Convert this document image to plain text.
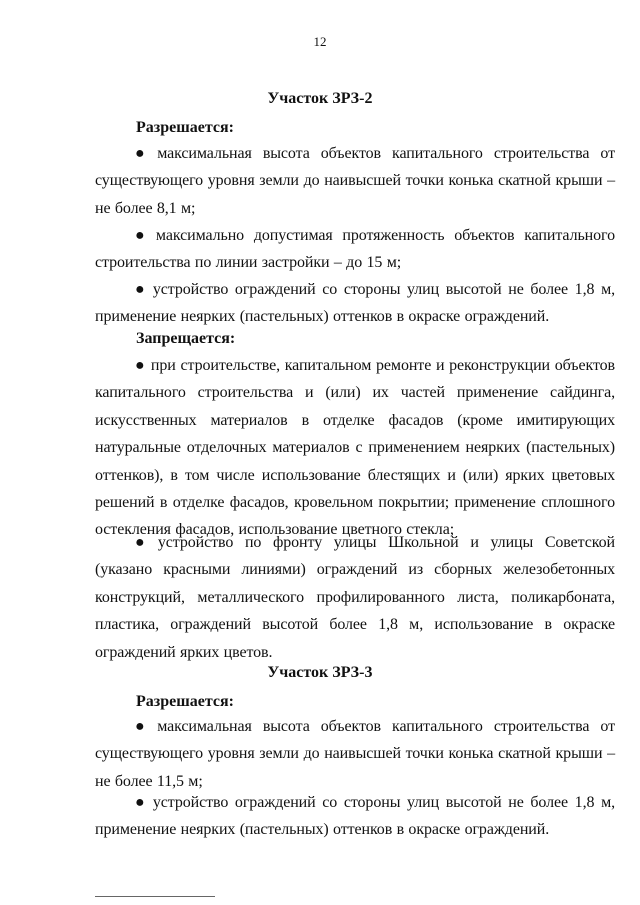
12
Участок ЗРЗ-2
Разрешается:
● максимальная высота объектов капитального строительства от существующего уровня земли до наивысшей точки конька скатной крыши – не более 8,1 м;
● максимально допустимая протяженность объектов капитального строительства по линии застройки – до 15 м;
● устройство ограждений со стороны улиц высотой не более 1,8 м, применение неярких (пастельных) оттенков в окраске ограждений.
Запрещается:
● при строительстве, капитальном ремонте и реконструкции объектов капитального строительства и (или) их частей применение сайдинга, искусственных материалов в отделке фасадов (кроме имитирующих натуральные отделочных материалов с применением неярких (пастельных) оттенков), в том числе использование блестящих и (или) ярких цветовых решений в отделке фасадов, кровельном покрытии; применение сплошного остекления фасадов, использование цветного стекла;
● устройство по фронту улицы Школьной и улицы Советской (указано красными линиями) ограждений из сборных железобетонных конструкций, металлического профилированного листа, поликарбоната, пластика, ограждений высотой более 1,8 м, использование в окраске ограждений ярких цветов.
Участок ЗРЗ-3
Разрешается:
● максимальная высота объектов капитального строительства от существующего уровня земли до наивысшей точки конька скатной крыши – не более 11,5 м;
● устройство ограждений со стороны улиц высотой не более 1,8 м, применение неярких (пастельных) оттенков в окраске ограждений.
